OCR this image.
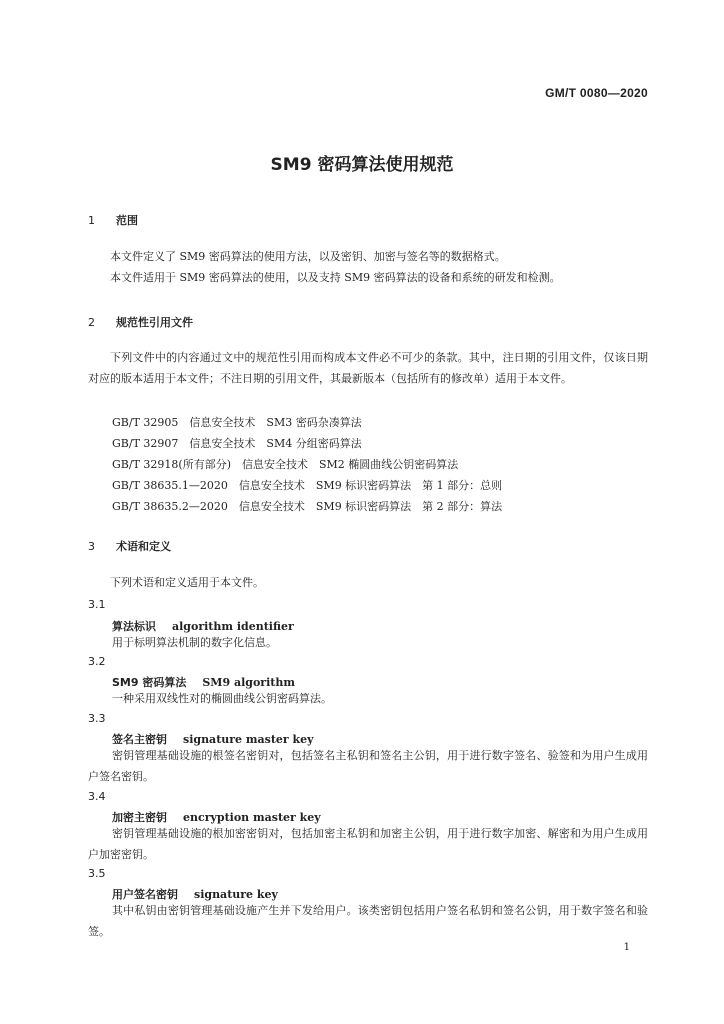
GM/T 0080—2020
SM9 密码算法使用规范
1 范围
本文件定义了 SM9 密码算法的使用方法，以及密钥、加密与签名等的数据格式。
本文件适用于 SM9 密码算法的使用，以及支持 SM9 密码算法的设备和系统的研发和检测。
2 规范性引用文件
下列文件中的内容通过文中的规范性引用而构成本文件必不可少的条款。其中，注日期的引用文件，仅该日期对应的版本适用于本文件；不注日期的引用文件，其最新版本（包括所有的修改单）适用于本文件。
GB/T 32905　信息安全技术　SM3 密码杂凑算法
GB/T 32907　信息安全技术　SM4 分组密码算法
GB/T 32918(所有部分)　信息安全技术　SM2 椭圆曲线公钥密码算法
GB/T 38635.1—2020　信息安全技术　SM9 标识密码算法　第 1 部分：总则
GB/T 38635.2—2020　信息安全技术　SM9 标识密码算法　第 2 部分：算法
3 术语和定义
下列术语和定义适用于本文件。
3.1
算法标识 algorithm identifier
用于标明算法机制的数字化信息。
3.2
SM9 密码算法 SM9 algorithm
一种采用双线性对的椭圆曲线公钥密码算法。
3.3
签名主密钥 signature master key
密钥管理基础设施的根签名密钥对，包括签名主私钥和签名主公钥，用于进行数字签名、验签和为用户生成用户签名密钥。
3.4
加密主密钥 encryption master key
密钥管理基础设施的根加密密钥对，包括加密主私钥和加密主公钥，用于进行数字加密、解密和为用户生成用户加密密钥。
3.5
用户签名密钥 signature key
其中私钥由密钥管理基础设施产生并下发给用户。该类密钥包括用户签名私钥和签名公钥，用于数字签名和验签。
1
